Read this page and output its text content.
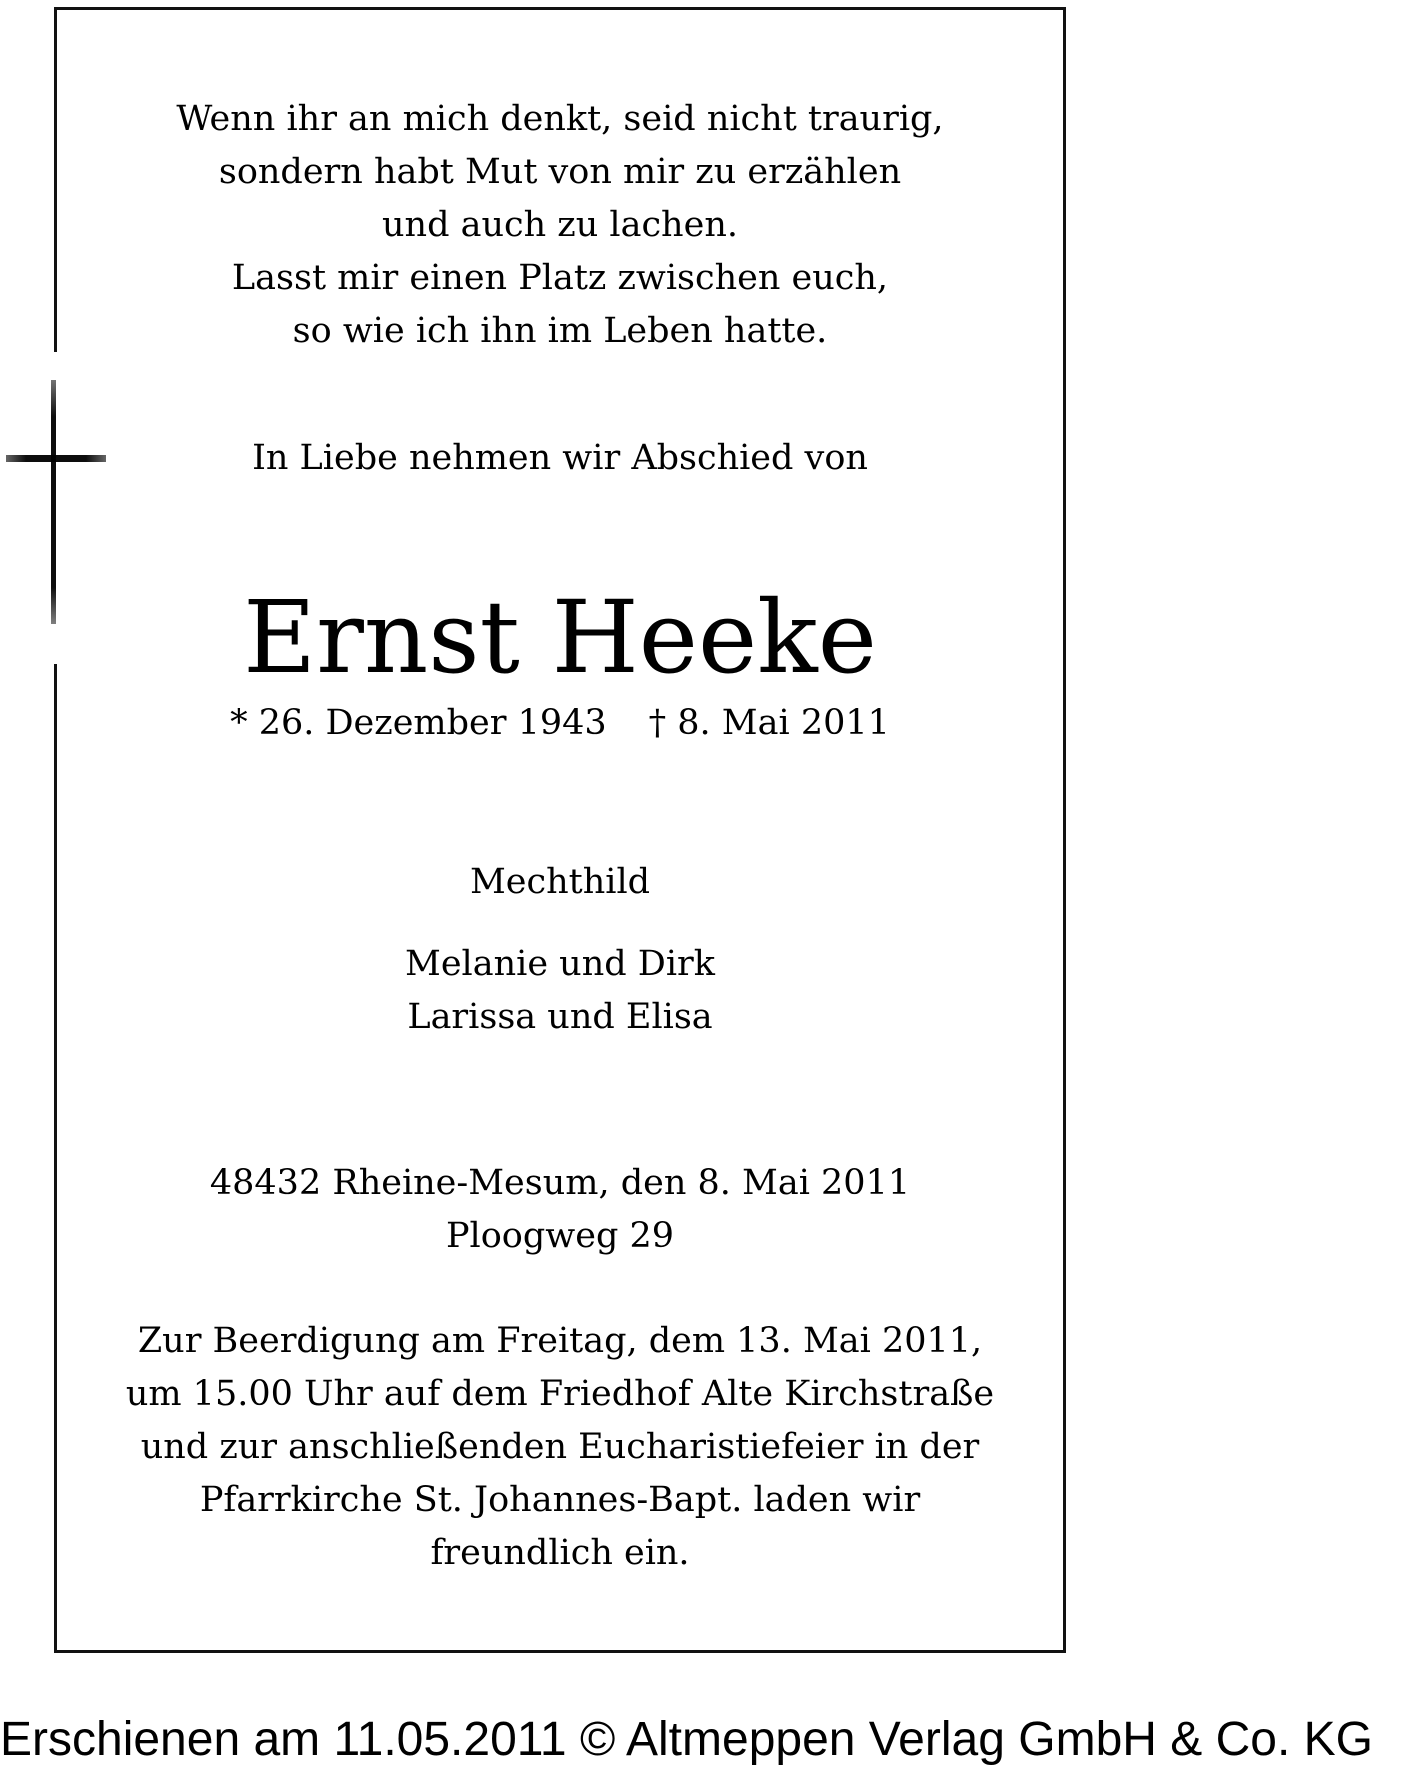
Wenn ihr an mich denkt, seid nicht traurig,
sondern habt Mut von mir zu erzählen
und auch zu lachen.
Lasst mir einen Platz zwischen euch,
so wie ich ihn im Leben hatte.
In Liebe nehmen wir Abschied von
Ernst Heeke
* 26. Dezember 1943 † 8. Mai 2011
Mechthild
Melanie und Dirk
Larissa und Elisa
48432 Rheine-Mesum, den 8. Mai 2011
Ploogweg 29
Zur Beerdigung am Freitag, dem 13. Mai 2011,
um 15.00 Uhr auf dem Friedhof Alte Kirchstraße
und zur anschließenden Eucharistiefeier in der
Pfarrkirche St. Johannes-Bapt. laden wir
freundlich ein.
Erschienen am 11.05.2011 © Altmeppen Verlag GmbH & Co. KG
